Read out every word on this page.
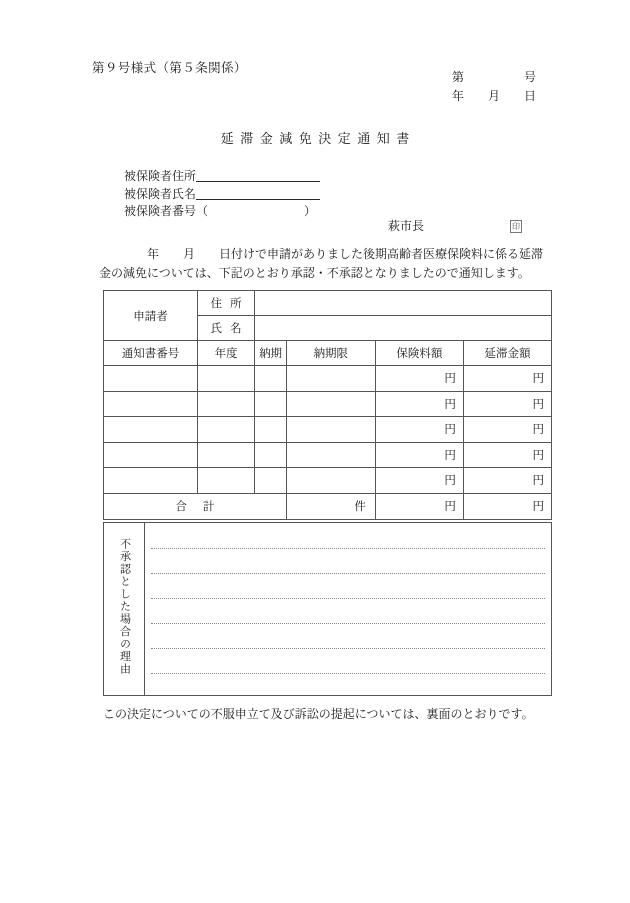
第９号様式（第５条関係）
第　　　　　号
年　　月　　日
延滞金減免決定通知書
被保険者住所
被保険者氏名
被保険者番号（　　　　　　　　	）
萩市長	印
　　　　年　　月　　日付けで申請がありました後期高齢者医療保険料に係る延滞金の減免については、下記のとおり承認・不承認となりましたので通知します。
申請者	住所				

	氏名				

通知書番号	年度	納期	納期限	保険料額	延滞金額
				円	円
				円	円
				円	円
				円	円
				円	円

合計			件	円	円
不承認とした場合の理由	
この決定についての不服申立て及び訴訟の提起については、裏面のとおりです。
